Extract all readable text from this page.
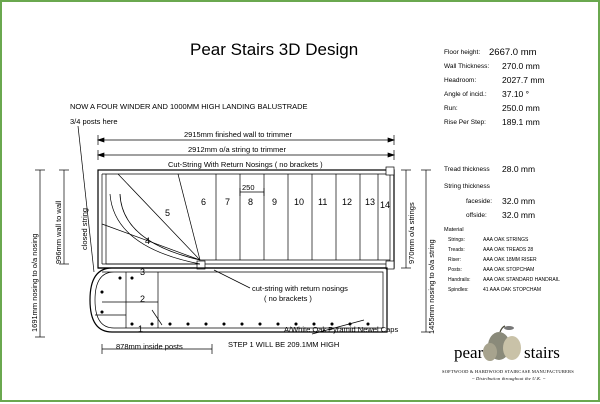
Pear Stairs 3D Design	Floor height: 2667.0 mm
Wall Thickness: 270.0 mm
Headroom:	2027.7 mm
Angle of incid.: 37.10 °
Run:	250.0 mm
Rise Per Step: 189.1 mm
Tread thickness 28.0 mm
String thickness
faceside: 32.0 mm
offside: 32.0 mm
Material
Strings:	AAA OAK STRINGS
Treads:	AAA OAK TREADS 28
Riser:	AAA OAK 18MM RISER
Posts:	AAA OAK STOPCHAM
Handrails: AAA OAK STANDARD HANDRAIL
Spindles:	41 AAA OAK STOPCHAM
1
2
3
4
5
6 7 8 9 10 11 12 13 14
NOW A FOUR WINDER AND 1000MM HIGH LANDING BALUSTRADE
3/4 posts here
2915mm finished wall to trimmer
2912mm o/a string to trimmer
Cut-String With Return Nosings ( no brackets )
250
cut-string with return nosings
( no brackets )
A/White Oak Pyramid Newel Caps
878mm inside posts	STEP 1 WILL BE 209.1MM HIGH
closed string
1691mm nosing to o/a nosing
996mm wall to wall	970mm o/a strings
1455mm nosing to o/a string
pear stairs
SOFTWOOD & HARDWOOD STAIRCASE MANUFACTURERS
~ Distribution throughout the U.K. ~
